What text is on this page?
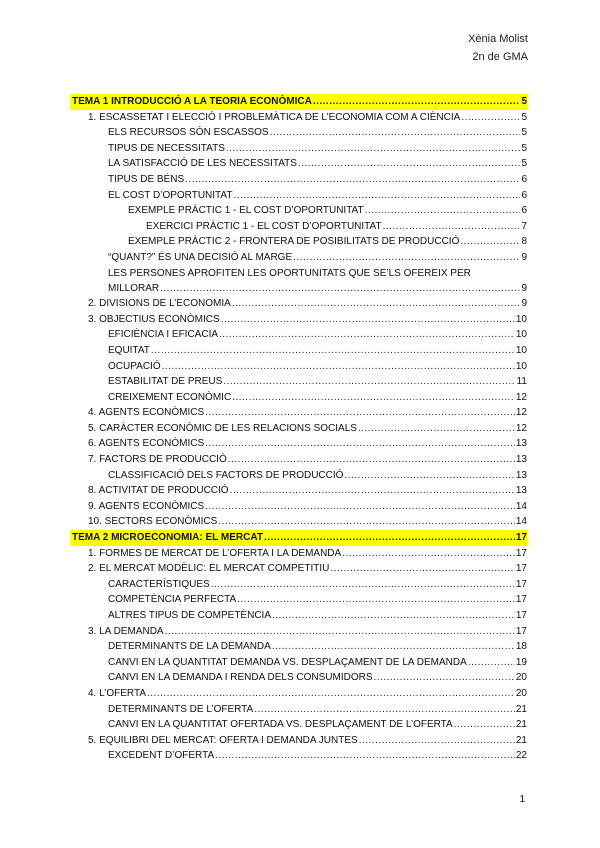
Xènia Molist
2n de GMA
TEMA 1 INTRODUCCIÓ A LA TEORIA ECONÒMICA .....	5
1. ESCASSETAT I ELECCIÓ I PROBLEMÀTICA DE L’ECONOMIA COM A CIÈNCIA .....	5
ELS RECURSOS SÓN ESCASSOS .....	5
TIPUS DE NECESSITATS .....	5
LA SATISFACCIÓ DE LES NECESSITATS .....	5
TIPUS DE BÉNS .....	6
EL COST D’OPORTUNITAT .....	6
EXEMPLE PRÀCTIC 1 - EL COST D’OPORTUNITAT .....	6
EXERCICI PRÀCTIC 1 - EL COST D’OPORTUNITAT .....	7
EXEMPLE PRÀCTIC 2 - FRONTERA DE POSIBILITATS DE PRODUCCIÓ .....	8
“QUANT?” ÉS UNA DECISIÓ AL MARGE .....	9
LES PERSONES APROFITEN LES OPORTUNITATS QUE SE’LS OFEREIX PER
MILLORAR .....	9
2. DIVISIONS DE L’ECONOMIA .....	9
3. OBJECTIUS ECONÒMICS .....	10
EFICIÈNCIA I EFICACIA .....	10
EQUITAT .....	10
OCUPACIÓ .....	10
ESTABILITAT DE PREUS .....	11
CREIXEMENT ECONÒMIC .....	12
4. AGENTS ECONÒMICS .....	12
5. CARÀCTER ECONÒMIC DE LES RELACIONS SOCIALS .....	12
6. AGENTS ECONÒMICS .....	13
7. FACTORS DE PRODUCCIÓ .....	13
CLASSIFICACIÓ DELS FACTORS DE PRODUCCIÓ .....	13
8. ACTIVITAT DE PRODUCCIÓ .....	13
9. AGENTS ECONÒMICS .....	14
10. SECTORS ECONÒMICS .....	14
TEMA 2 MICROECONOMIA: EL MERCAT .....	17
1. FORMES DE MERCAT DE L’OFERTA I LA DEMANDA .....	17
2. EL MERCAT MODÈLIC: EL MERCAT COMPETITIU .....	17
CARACTERÍSTIQUES .....	17
COMPETÈNCIA PERFECTA .....	17
ALTRES TIPUS DE COMPETÈNCIA .....	17
3. LA DEMANDA .....	17
DETERMINANTS DE LA DEMANDA .....	18
CANVI EN LA QUANTITAT DEMANDA VS. DESPLAÇAMENT DE LA DEMANDA .....	19
CANVI EN LA DEMANDA I RENDA DELS CONSUMIDORS .....	20
4. L’OFERTA .....	20
DETERMINANTS DE L’OFERTA .....	21
CANVI EN LA QUANTITAT OFERTADA VS. DESPLAÇAMENT DE L’OFERTA .....	21
5. EQUILIBRI DEL MERCAT: OFERTA I DEMANDA JUNTES .....	21
EXCEDENT D’OFERTA .....	22
1
